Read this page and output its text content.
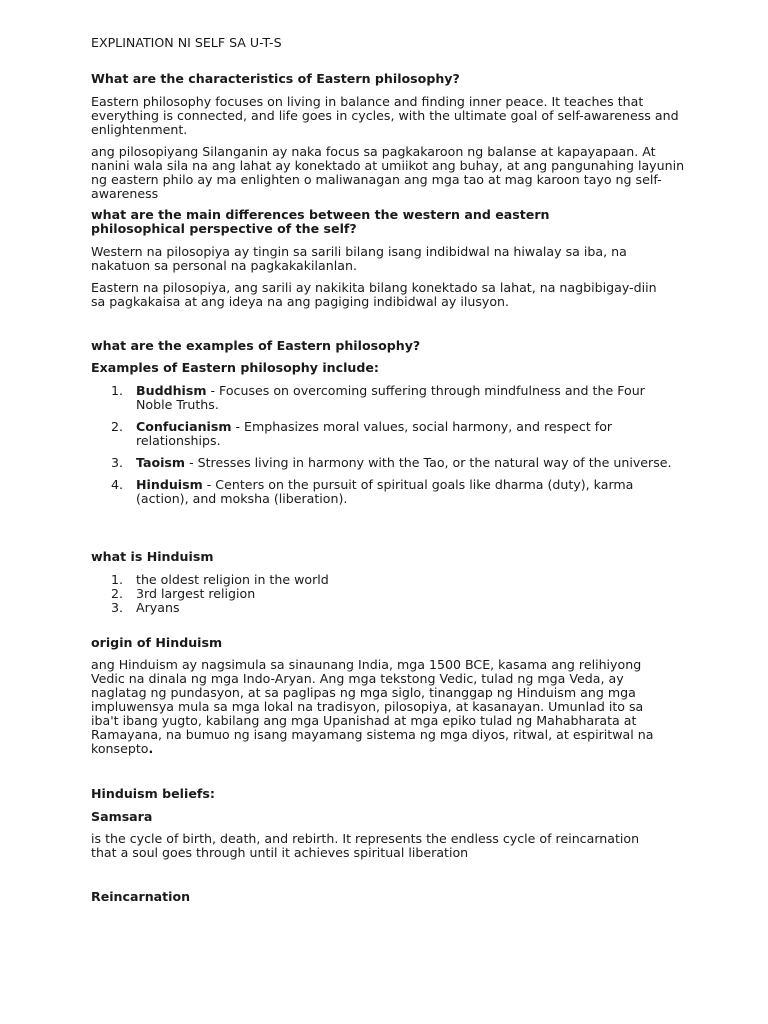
EXPLINATION NI SELF SA U-T-S

What are the characteristics of Eastern philosophy?

Eastern philosophy focuses on living in balance and finding inner peace. It teaches that everything is connected, and life goes in cycles, with the ultimate goal of self-awareness and enlightenment.

ang pilosopiyang Silanganin ay naka focus sa pagkakaroon ng balanse at kapayapaan. At nanini wala sila na ang lahat ay konektado at umiikot ang buhay, at ang pangunahing layunin ng eastern philo ay ma enlighten o maliwanagan ang mga tao at mag karoon tayo ng self-awareness

what are the main differences between the western and eastern philosophical perspective of the self?

Western na pilosopiya ay tingin sa sarili bilang isang indibidwal na hiwalay sa iba, na nakatuon sa personal na pagkakakilanlan.

Eastern na pilosopiya, ang sarili ay nakikita bilang konektado sa lahat, na nagbibigay-diin sa pagkakaisa at ang ideya na ang pagiging indibidwal ay ilusyon.

what are the examples of Eastern philosophy?

Examples of Eastern philosophy include:

1. Buddhism - Focuses on overcoming suffering through mindfulness and the Four Noble Truths.
2. Confucianism - Emphasizes moral values, social harmony, and respect for relationships.
3. Taoism - Stresses living in harmony with the Tao, or the natural way of the universe.
4. Hinduism - Centers on the pursuit of spiritual goals like dharma (duty), karma (action), and moksha (liberation).

what is Hinduism

1. the oldest religion in the world
2. 3rd largest religion
3. Aryans

origin of Hinduism

ang Hinduism ay nagsimula sa sinaunang India, mga 1500 BCE, kasama ang relihiyong Vedic na dinala ng mga Indo-Aryan. Ang mga tekstong Vedic, tulad ng mga Veda, ay naglatag ng pundasyon, at sa paglipas ng mga siglo, tinanggap ng Hinduism ang mga impluwensya mula sa mga lokal na tradisyon, pilosopiya, at kasanayan. Umunlad ito sa iba't ibang yugto, kabilang ang mga Upanishad at mga epiko tulad ng Mahabharata at Ramayana, na bumuo ng isang mayamang sistema ng mga diyos, ritwal, at espiritwal na konsepto.

Hinduism beliefs:

Samsara

is the cycle of birth, death, and rebirth. It represents the endless cycle of reincarnation that a soul goes through until it achieves spiritual liberation

Reincarnation
